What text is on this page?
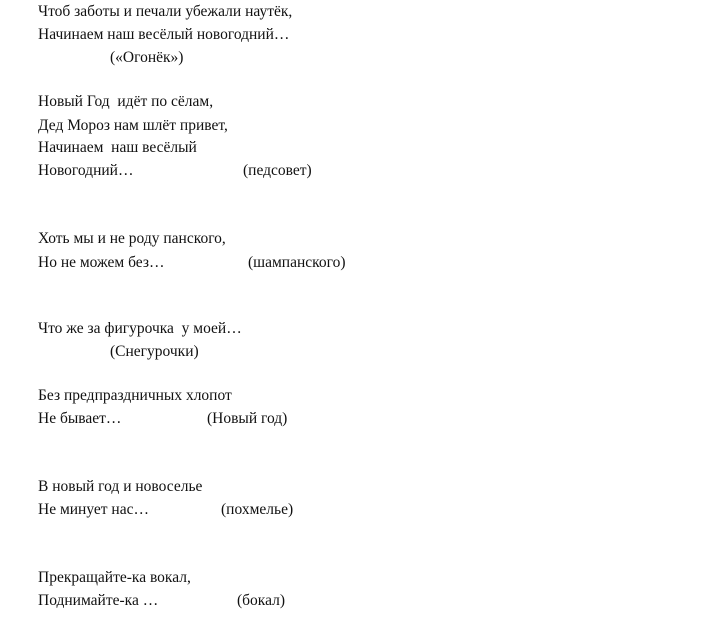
Чтоб заботы и печали убежали наутёк,

Начинаем наш весёлый новогодний…

(«Огонёк»)

Новый Год  идёт по сёлам,

Дед Мороз нам шлёт привет,

Начинаем  наш весёлый

Новогодний…	(педсовет)

Хоть мы и не роду панского,

Но не можем без…	(шампанского)

Что же за фигурочка  у моей…

(Снегурочки)

Без предпраздничных хлопот

Не бывает…	(Новый год)

В новый год и новоселье

Не минует нас…	(похмелье)

Прекращайте-ка вокал,

Поднимайте-ка …	(бокал)
